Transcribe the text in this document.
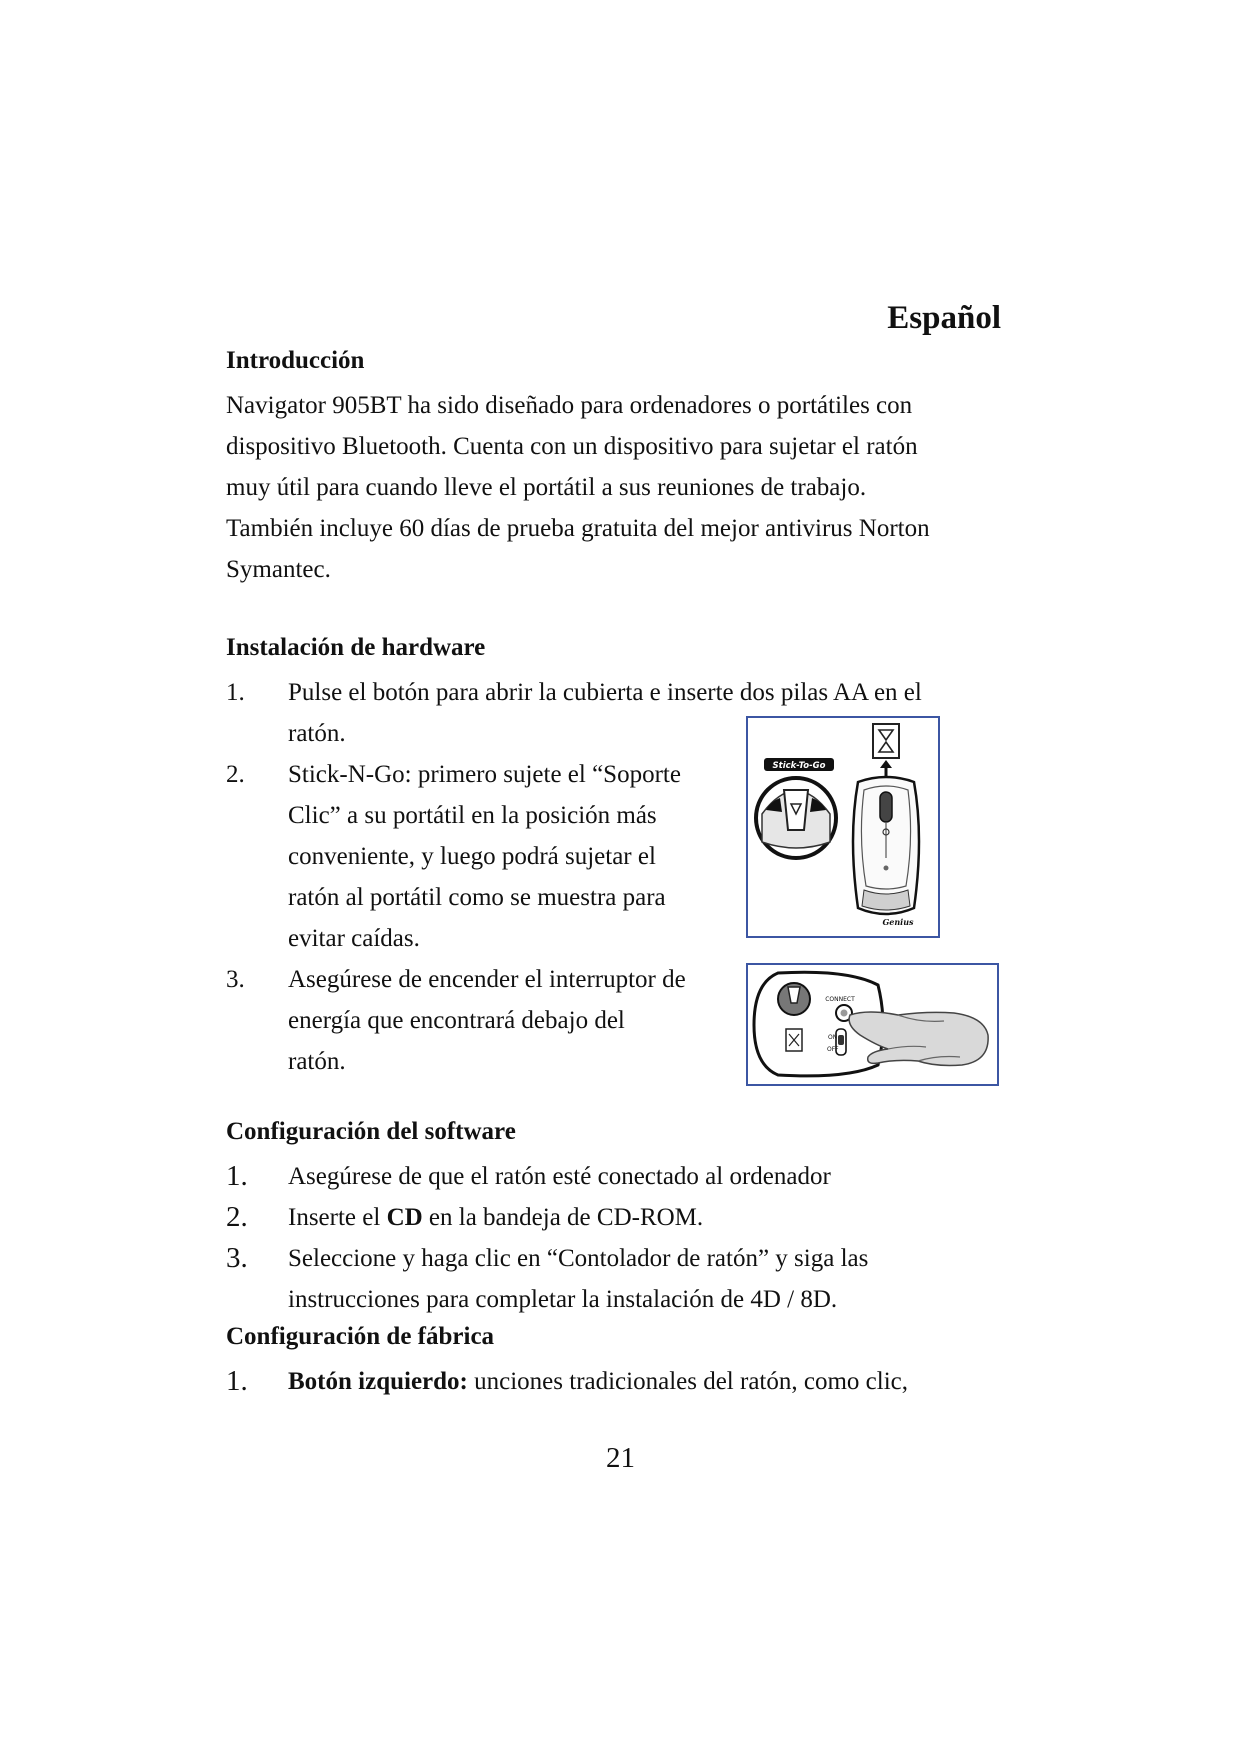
Español
Introducción
Navigator 905BT ha sido diseñado para ordenadores o portátiles con
dispositivo Bluetooth. Cuenta con un dispositivo para sujetar el ratón
muy útil para cuando lleve el portátil a sus reuniones de trabajo.
También incluye 60 días de prueba gratuita del mejor antivirus Norton
Symantec.
Instalación de hardware
1. Pulse el botón para abrir la cubierta e inserte dos pilas AA en el
ratón.
2. Stick-N-Go: primero sujete el “Soporte
Clic” a su portátil en la posición más
conveniente, y luego podrá sujetar el
ratón al portátil como se muestra para
evitar caídas.
3. Asegúrese de encender el interruptor de
energía que encontrará debajo del
ratón.
Stick-To-Go
Genius
CONNECT
ON
OFF
Configuración del software
1. Asegúrese de que el ratón esté conectado al ordenador
2. Inserte el CD en la bandeja de CD-ROM.
3. Seleccione y haga clic en “Contolador de ratón” y siga las
instrucciones para completar la instalación de 4D / 8D.
Configuración de fábrica
1. Botón izquierdo: unciones tradicionales del ratón, como clic,
21
